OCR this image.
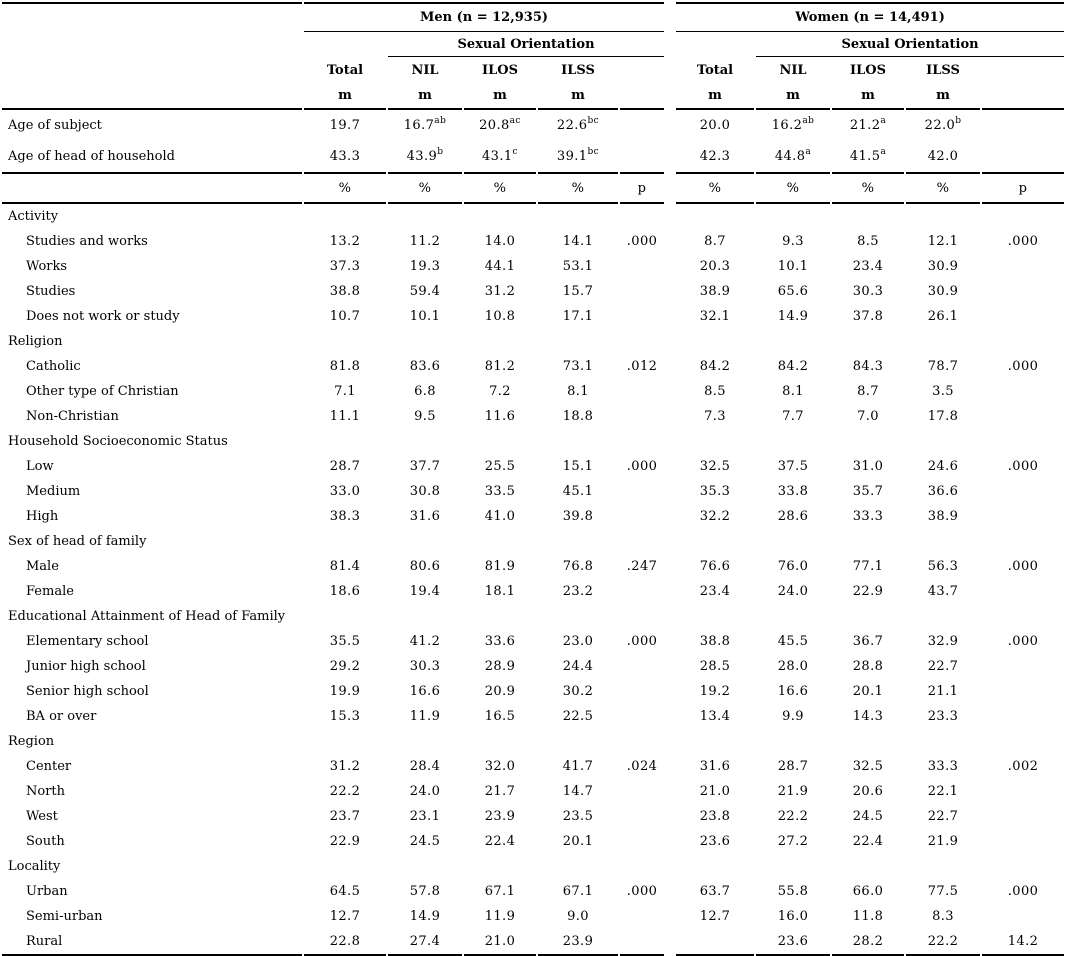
	Men (n = 12,935)						Women (n = 14,491)				
		Sexual Orientation						Sexual Orientation			
	Total	NIL	ILOS	ILSS			Total	NIL	ILOS	ILSS	
	m	m	m	m			m	m	m	m	
Age of subject	19.7	16.7$^{ab}$	20.8$^{ac}$	22.6$^{bc}$			20.0	16.2$^{ab}$	21.2$^a$	22.0$^b$	
Age of head of household	43.3	43.9$^b$	43.1$^c$	39.1$^{bc}$			42.3	44.8$^a$	41.5$^a$	42.0	
	%	%	%	%	p		%	%	%	%	p
Activity											
Studies and works	13.2	11.2	14.0	14.1	.000		8.7	9.3	8.5	12.1	.000
Works	37.3	19.3	44.1	53.1			20.3	10.1	23.4	30.9	
Studies	38.8	59.4	31.2	15.7			38.9	65.6	30.3	30.9	
Does not work or study	10.7	10.1	10.8	17.1			32.1	14.9	37.8	26.1	
Religion											
Catholic	81.8	83.6	81.2	73.1	.012		84.2	84.2	84.3	78.7	.000
Other type of Christian	7.1	6.8	7.2	8.1			8.5	8.1	8.7	3.5	
Non-Christian	11.1	9.5	11.6	18.8			7.3	7.7	7.0	17.8	
Household Socioeconomic Status											
Low	28.7	37.7	25.5	15.1	.000		32.5	37.5	31.0	24.6	.000
Medium	33.0	30.8	33.5	45.1			35.3	33.8	35.7	36.6	
High	38.3	31.6	41.0	39.8			32.2	28.6	33.3	38.9	
Sex of head of family											
Male	81.4	80.6	81.9	76.8	.247		76.6	76.0	77.1	56.3	.000
Female	18.6	19.4	18.1	23.2			23.4	24.0	22.9	43.7	
Educational Attainment of Head of Family											
Elementary school	35.5	41.2	33.6	23.0	.000		38.8	45.5	36.7	32.9	.000
Junior high school	29.2	30.3	28.9	24.4			28.5	28.0	28.8	22.7	
Senior high school	19.9	16.6	20.9	30.2			19.2	16.6	20.1	21.1	
BA or over	15.3	11.9	16.5	22.5			13.4	9.9	14.3	23.3	
Region											
Center	31.2	28.4	32.0	41.7	.024		31.6	28.7	32.5	33.3	.002
North	22.2	24.0	21.7	14.7			21.0	21.9	20.6	22.1	
West	23.7	23.1	23.9	23.5			23.8	22.2	24.5	22.7	
South	22.9	24.5	22.4	20.1			23.6	27.2	22.4	21.9	
Locality											
Urban	64.5	57.8	67.1	67.1	.000		63.7	55.8	66.0	77.5	.000
Semi-urban	12.7	14.9	11.9	9.0			12.7	16.0	11.8	8.3	
Rural	22.8	27.4	21.0	23.9				23.6	28.2	22.2	14.2
